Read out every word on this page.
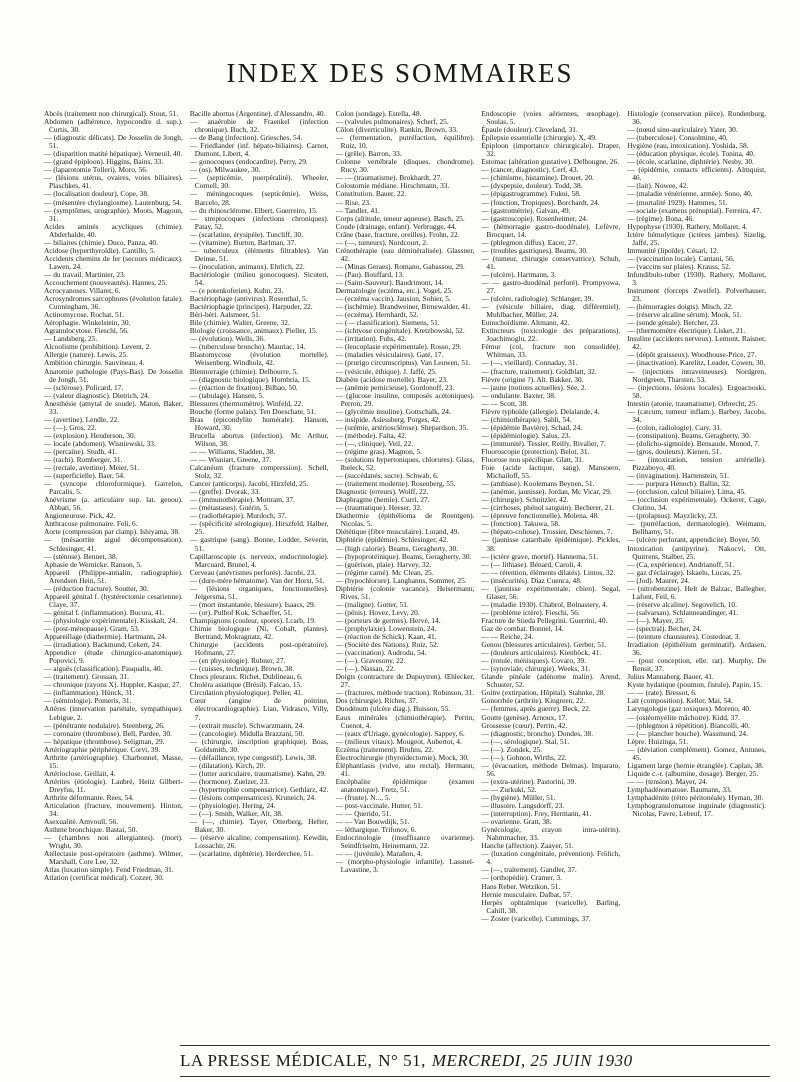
INDEX DES SOMMAIRES

Abcès (traitement non chirurgical). Stout, 51.

Abdomen (adhérence, hypocondre d. sup.). Curtis, 30.

— (diagnostic délicats). De Josselin de Jongh, 51.

— (disparition matité hépatique). Verneuil, 40.

— (grand épiploon). Higgins, Bains, 33.

— (laparotomie Tolleri). Moro, 56.

— (lésions utérus, ovaires, voies biliaires). Plaschkes, 41.

— (localisation douleur). Cope, 38.

— (mésentère chylangiosme). Lautenburg, 54.

— (symptômes, urographie). Moots, Magoun, 31.

Acides aminés acycliques (chimie). Abderhalde, 40.

— biliaires (chimie). Duco, Panza, 40.

Acidose (hyperthyroïdie). Cantillo, 5.

Accidents chemins de fer (secours médicaux). Lawen, 24.

— du travail. Martinier, 23.

Accouchement (nouveautés). Hannes, 25.

Acrocyanoses. Villaret, 6.

Acrosyndromes sarcophores (évolution fatale). Cunningham, 36.

Actinomycose. Rochat, 51.

Aérophagie. Winkelstein, 30.

Agranulocytose. Fieschi, 56.

— Landsberg, 25.

Alcoolisme (prohibition). Levent, 2.

Allergie (nature). Lewis, 25.

Ambition chirurgie. Sauvineau, 4.

Anatomie pathologie (Pays-Bas). De Josselin de Jongh, 51.

— (sclérose). Policard, 17.

— (valeur diagnostic). Dietrich, 24.

Anesthésie (amytal de soude). Maton, Baker, 33.

— (avertine). Lendle, 22.

— (—). Gros, 22.

— (explosion). Henderson, 30.

— locale (abdomen). Wisniewski, 33.

— (percaïne). Studh, 41.

— (rachi). Romberger, 31.

— (rectale, avertine). Meier, 51.

— (superficielle). Baer, 54.

— (syncope chloroformique). Garrelon, Parcalis, 5.

Anévrisme (a. articulaire sup. lat. genou). Abbati, 56.

Angioneurose. Pick, 42.

Anthracose pulmonaire. Feli, 6.

Aorte (compression par clamp). Ishiyama, 38.

— (mésaortite aiguë décompensation). Schlesinger, 41.

— (sténose). Bennet, 38.

Aphasie de Wernicke. Ranson, 5.

Appareil (Philippe-antialin, radiographie). Arendsen Hein, 51.

— (réduction fracture). Soutter, 30.

Appareil génital f. (hystérectomie cesarienne). Claye, 37.

— génital f. (inflammation). Bucura, 41.

— (physiologie expérimentale). Kisskalt, 24.

— (post-ménopause). Gram, 53.

Appareillage (diathermie). Hartmann, 24.

— (irradiation). Backmund, Cekert, 24.

Appendice (étude chirurgico-anatomique). Popovici, 9.

— aiguës (classification). Pasqualis, 40.

— (traitement). Grossan, 31.

— chronique (rayons X). Huppler, Kaspar, 27.

— (inflammation). Hünck, 31.

— (sémiologie). Pomeris, 31.

Artères (innervation pariétale, sympathique). Lebigue, 2.

— (pénétrante nodulaire). Steenberg, 26.

— coronaire (thrombose). Bell, Pardee, 30.

— hépatique (thrombose). Seligman, 29.

Artériographie périphérique. Corvi, 39.

Arthrite (artériographie). Charbonnel, Masse, 15.

Artérioclose. Geillait, 4.

Artérites (étiologie). Laubré, Heitz Gilbert-Dreyfus, 11.

Arthrite déformante. Rees, 54.

Articulation (fracture, mouvement). Hinton, 34.

Asexualité. Amvoull, 56.

Asthme bronchique. Bastai, 50.

— (chambres non allergiantes). (mort). Wright, 30.

Atélectasie post-opératoire (asthme). Wilmer, Marshall, Core Lee, 32.

Atlas (luxation simple). Fend Friedman, 31.

Atlation (certificat médical). Cozzer, 30.

Bacille abortus (Argentine). d'Alessandro, 40.

— anaérobie de Fraenkel (infection chronique). Buch, 32.

— de Bang (infection). Griesches, 54.

— Friedlander (inf. hépato-biliaires). Carnot, Dumont, Libert, 4.

— gonocoques (endocardite). Perry, 29.

— (os). Milwaukee, 30.

— (septicémie, puerpéralité). Wheeler, Cornell, 30.

— méningocoques (septicémie). Weiss, Barcelo, 28.

— du rhinosclérome. Elbert, Guerreiro, 15.

— streptocoques (infections chroniques). Patay, 52.

— (scarlatine, érysipèle). Tuncliff, 30.

— (vitamine). Burton, Barlman, 37.

— tuberculeux (éléments filtrables). Van Deinse, 51.

— (inoculation, animaux). Ehrlich, 22.

Bactériologie (milieu gonocoques). Sicuteri, 54.

— (e potenkoferien). Kuhn, 23.

Bactériophage (antivirus). Rosenthal, 5.

Bactériophagie (principes). Harpuder, 22.

Béri-béri. Aalsmeer, 51.

Bile (chimie). Walter, Greene, 32.

Biologie (croissance, animaux). Pieller, 15.

— (évolution). Wells, 36.

— (tuberculose broncho). Mauriac, 14.

Blastomycose (évolution mortelle). Weisenberg, Windholz, 42.

Blennorragie (chimie). Delbourre, 5.

— (diagnostic biologique). Hombria, 15.

— (réaction de fixation). Bilbao, 50.

— (tabulage). Hansen, 5.

Blessures (thermomètre). Winfeld, 22.

Bouche (forme palais). Ten Doeschate, 51.

Bras (épicondylite humérale). Hanson, Howard, 30.

Brucella abortus (infection). Mc Arthur, Wilson, 38.

— — Williams, Sladden, 38.

— — Wisniart, Greene, 37.

Calcanéum (fracture compression). Schell, Stolz, 32.

Cancer (anticorps). Jacobi, Hirzfeld, 25.

— (greffe). Dvorak, 33.

— (immunothérapie). Mottram, 37.

— (métastases). Guérin, 5.

— (radiothérapie). Murdoch, 37.

— (spécificité sérologique). Hirszfeld, Halber, 25.

— gastrique (sang). Bonne, Lodder, Severin, 51.

Capillaroscopie (s. nerveux, endocrinologie). Marcuard, Brunel, 4.

Cerveau (anévrismes perforés). Jacobi, 23.

— (dure-mère hématome). Van der Horst, 51.

— (lésions organiques, fonctionnelles). Jelgersma, 51.

— (mort instantanée, blessure). Isaacs, 29.

— (or). Pulhof Kok, Schaeffer, 51.

Champignons (couleur, spores). Lcarb, 19.

Chimie biologique (Ni, Cobalt, plantes). Bertrand, Mokragnatz, 42.

Chirurgie (accidents post-opératoire). Hofmann, 27.

— (en physiologie). Rubner, 27.

— (cuisses, technique). Brown, 38.

Chocs pleuraux. Richet, Dublineau, 6.

Choléra asiatique (Brésil). Falcao, 15.

Circulation physiologique). Peller, 41.

Cœur (angine de poitrine, électrocardiographie). Lian, Vidrasco, Villy, 7.

— (extrait muscle). Schwarzmann, 24.

— (cancologie). Midulla Brazzani, 50.

— (chirurgie, inscription graphique). Boas, Goldsmith, 30.

— (défaillance, type congestif). Lewis, 38.

— (dilatation). Kirch, 20.

— (lutter auriculaire, traumatisme). Kahn, 29.

— (hormone). Zuelzer, 23.

— (hypertrophie compensatrice). Gethlarz, 42.

— (lésions compensatrices). Kruneich, 24.

— (physiologie). Hering, 24.

— (—). Smith, Walker, Alt, 38.

— (—, chimie). Tayer, Otterberg, Hefter, Baker, 30.

— (réserve alcaline, compensation). Kewdin, Lossachir, 26.

— (scarlatine, diphtérie). Herderchee, 51.

Colon (sondage). Estella, 48.

— (valvules pulmonaires). Scherf, 25.

Côlon (diverticulite). Rankin, Brown, 33.

— (fermentation, putréfaction, équilibre). Ruiz, 10.

— (grêle). Barron, 33.

Colonne vertébrale (disques, chondrome). Rucy, 30.

— — (traumatisme). Brokhardt, 27.

Colostomie médiane. Hirschmann, 33.

Constitution. Bauer, 22.

— Rise, 23.

— Tandler, 41.

Corps (altitude, teneur aqueuse). Basch, 25.

Coude (drainage, enfant). Verbrugge, 44.

Crâne (base, fracture, oreilles). Frohn, 22.

— (—, tumeurs). Nordcourt, 2.

Crénothérapie (eau déminéralisée). Glassner, 42.

— (Minas Geraes). Romano, Gabassou, 29.

— (Pau). Bouffard, 13.

— (Saint-Sauveur). Baudrimont, 14.

Dermatologie (eczéma, etc.). Vogel, 25.

— (eczéma vaccin). Jausion, Sohier, 5.

— (ischémie). Brandweiner, Birnewalder, 41.

— (eczéma). Hernhardt, 52.

— (— classification). Siemens, 51.

— (ichtyose congénitale). Kretzbowski, 52.

— (irritation). Fuhs, 42.

— (leucoplasie expérimentale). Rosso, 29.

— (maladies vésiculaires). Gaté, 17.

— (prurigo circumscriptus). Van Leuwen, 51.

— (vésicule, éthique). J. Jaffé, 25.

Diabète (acidose mortelle). Bayer, 23.

— (anémie pernicieuse). Gordonoff, 23.

— (glucose insuline, composés acétoniques). Perron, 29.

— (glycémie insuline). Gottschalk, 24.

— insipide. Aslessberg, Porges, 42.

— (urémie, artériosclérose). Shepardson, 35.

— (méthode). Falta, 42.

— (—, clinique). Veil, 22.

— (régime gras). Magnon, 5.

— (solutions hypertoniques, chlorures). Glass, Ibeleck, 52.

— (succédanés, sucre). Schwab, 6.

— (traitement moderne). Rosenberg, 55.

Diagnostic (erreurs). Wolff, 22.

Diaphragme (hernie). Curri, 27.

— (traumatique). Heeser, 32.

Diathermie (épithélioma de Roentgen). Nicolas, 5.

Diététique (fibre musculaire). Lorand, 49.

Diphtérie (épidémie). Schlesinger, 42.

— (high calorie). Beams, Geragherty, 30.

— (hypoprotéinique). Beams, Geragherty, 30.

— (guérison, plaie). Harvey, 32.

— (régime carné). Mc Clean, 25.

— (hypochlorure). Langhanns, Sommer, 25.

Diphtérie (colonie vacance). Heisermann, Rives, 51.

— (maligne). Gotter, 51.

— (pénis). Hovez, Levy, 20.

— (porteurs de germes). Hervé, 14.

— (prophylaxie). Lowenstein, 24.

— (réaction de Schick). Kaan, 41.

— (Société des Nations). Ruiz, 52.

— (vaccination). Audrodu, 54.

— (—). Gravesony, 22.

— (—). Nassau, 22.

Doigts (contracture de Dupuytren). Œhlecker, 27.

— (fractures, méthode traction). Robinson, 31.

Dos (chirurgie). Riches, 37.

Duodénum (ulcère diag.). Buisson, 55.

Eaux minérales (chimiothérapie). Perrin, Cuenot, 4.

— (eaux d'Uriage, gynécologie). Sappey, 6.

— (milieux vitaux). Mougeot, Aubertot, 4.

Eczéma (traitement). Bruhns, 22.

Électrochirurgie (thyroïdectomie). Mock, 30.

Éléphantiasis (vulve, ano rectal). Hermann, 41.

Encéphalite épidémique (examen anatomique). Fretz, 51.

— (fruste). N..., 5.

— post-vaccinale. Hutter, 51.

— — Querido, 51.

— — Van Bouwdijk, 51.

— léthargique. Trifonov, 6.

Endocrinologie (insuffisance ovarienne). Seindfriselm, Heinemann, 22.

— — (juvénile). Marañon, 4.

— (morpho-physiologie infantile). Lassnel-Lavastine, 3.

Endoscopie (voies aériennes, œsophage). Soulas, 5.

Épaule (douleur). Cleveland, 31.

Épilepsie essentielle (chirurgie). X, 49.

Épiploon (importance chirurgicale). Draper, 32.

Estomac (altération gustative). Delhougne, 26.

— (cancer, diagnostic). Cerf, 43.

— (chimisme, histamine). Drouet, 20.

— (dyspepsie, douleur). Todd, 38.

— (épigastrogramme). Fukui, 58.

— (fonction, Tropiques). Borchardt, 24.

— (gastrométrie). Galvan, 49.

— (gastroscopie). Rosenheimer, 24.

— (hémorragie gastro-duodénale). Lefèvre, Brocquet, 14.

— (phlegmon diffus). Eacer, 27.

— (troubles gastriques). Beams, 30.

— (tumeur, chirurgie conservatrice). Schuh, 41.

— (ulcère). Hartmann, 3.

— — gastro-duodénal perforé). Prompyowa, 27.

— (ulcère, radiologie). Schlanger, 39.

— (vésicule biliaire, diag. différentiel). Muhlbacher, Müller, 24.

Eunuchoïdisme. Altmann, 42.

Extincteurs (toxicologie des préparations). Joachimoglu, 22.

Fémur (col, fracture non consolidée). Whitman, 33.

— (—, vieillard). Connaday, 31.

— (fracture, traitement). Goldblatt, 32.

Fièvre (origine ?). Alt. Bakker, 30.

— jaune (notions actuelles). Sée, 2.

— ondulante. Baxter, 38.

— — Scott, 38.

Fièvre typhoïde (allergie). Delalande, 4.

— (chimiothérapie). Sahli, 54.

— (épidémie Bavière). Schad, 24.

— (épidémiologie). Salus, 23.

— (immunité). Tessier, Reilly, Rivalier, 7.

Fluoroscopie (protection). Belot, 31.

Fluorose non spécifique. Glatt, 31.

Foie (acide lactique, sang). Mansoero, Michailoff, 55.

— (ambiase). Koolemans Beynen, 51.

— (anémie, jaunisse). Jordan, Mc Vicar, 29.

— (chirurgie). Schnitzler, 42.

— (cirrhoses, phénol sanguin). Becherer, 21.

— (épreuve fonctionnelle). Molena, 48.

— (fonction). Takuwa, 58.

— (hépato-coliose). Trossier, Deschienes, 7.

— (jaunisse catarrhale épidémique). Pickles, 38.

— (ictère grave, mortel). Hannema, 51.

— (— lithiase). Bénard, Caroli, 4.

— — rétention, éléments dilatés). Lintos, 32.

— (insécurités). Diaz Cuenca, 48.

— (jaunisse expérimentale, chien). Segal, Glaser, 56.

— (maladie 1930). Chabrol, Bolnastery, 4.

— (problème ictère). Fieschi, 56.

Fracture de Stieda Pellegrini. Guerrini, 40.

Gaz de combat. Bonnel, 14.

— — Reiche, 24.

Genou (blessures articulaires). Gerber, 51.

— (douleurs articulaires). Kienböck, 41.

— (rotule, ménisques). Covaro, 39.

— (synoviale, chirurgie). Weeks, 31.

Glande pinéale (adénome malin). Arend, Schuster, 52.

Goitre (extirpation, Hôpital). Stahnke, 28.

Gonorrhée (arthrite). Kingreen, 22.

— (femmes, après guerre). Beck, 22.

Goutte (genèse). Arnoux, 17.

Grossesse (cœur). Perrin, 42.

— (diagnostic, broncho). Dondes, 38.

— (—, sérologique). Stal, 51.

— (—). Zondek, 25.

— (—). Gohnon, Wirths, 22.

— (évacuation, méthode Delmas). Imparato, 56.

— (extra-utérine). Pastorini, 39.

— — Zurkuki, 52.

— (hygiène). Müller, 51.

— illusoire. Langsdorff, 23.

— (interruption). Frey, Hermann, 41.

— ovarienne. Gratt, 38.

Gynécologie, crayon intra-utérin). Nahmmacher, 33.

Hanche (affection). Zaayer, 51.

— (luxation congénitale, prévention). Frölich, 4.

— (—, traitement). Gandler, 37.

— (orthopédie). Cramer, 3.

Hans Reber. Wetzikon, 51.

Hernie musculaire. Dalbat, 57.

Herpès ophtalmique (varicelle). Barling, Cahill, 38.

— Zoster (varicelle). Cummings, 37.

Histologie (conservation pièce). Rondenburg, 36.

— (nœud sino-auriculaire). Yater, 30.

— (tuberculose). Consolmine, 40.

Hygiène (eau, intoxication). Yoshida, 58.

— (éducation physique, école). Tonina, 40.

— (école, scarlatine, diphtérie). Nesby, 30.

— (épidémie, contacts efficients). Almquist, 46.

— (lait). Nowee, 42.

— (maladie vénérienne, armée). Sono, 40.

— (mortalité 1929). Hammes, 51.

— sociale (examens prénuptial). Ferreira, 47.

— (régime). Bona, 46.

Hypophyse (1930). Rathery, Mollaret, 4.

Ictère hémolytique (ictères jambes). Sizelig, Jaffé, 25.

Immunité (lipoïde). Césari, 12.

— (vaccination locale). Cantani, 56.

— (vaccins sur plaies). Krauss, 52.

Infundibulo-tuber (1930). Rathery, Mollaret, 3.

Instrument (forceps Zweifel). Polverhauser, 23.

— (hémorragies doigts). Misch, 22.

— (réserve alcaline sérum). Mook, 51.

— (sonde génale). Bercher, 23.

— (thermomètre électrique). Lisket, 21.

Insuline (accidents nerveux). Lemont, Raisner, 42.

— (dépôt graisseux). Woodhouse-Price, 27.

— (inactivation). Karelitz, Leader, Cowen, 30.

— (injections intraveineuses). Nordgren, Nordgreen, Tharsten, 53.

— (injections, lésions locales). Ergoacnoski, 58.

Intestin (atonie, traumatisme). Orbrecht, 25.

— (cæcum, tumeur inflam.). Barbey, Jacobs, 34.

— (colon, radiologie). Cary, 31.

— (constipation). Beams, Geragherty, 30.

— (dolicho-sigmoïde). Bensaude, Monod, 7.

— (gros, douleurs). Kienen, 51.

— (intoxication, tension artérielle). Pizzaboyo, 40.

— (invagination). Hartenstein, 51.

— — purpura Henoch). Ballin, 32.

— (occlusion, calcul biliaire). Lima, 45.

— (occlusion expérimentale). Ockerer, Cage, Clutino, 34.

— (prolapsus). Mayzlicky, 23.

— (putréfaction, dermatologie). Weimann, Bellhamy, 51.

— (ulcère perforant, appendicite). Boyer, 50.

Intoxication (antipyrine). Nakocvi, Ott, Quirrens, Stalber, 25.

— (Ca, expérience). Andrianoff, 51.

— gaz d'éclairage). Iskaelu, Lucas, 25.

— (Jod). Maurer, 24.

— (nitrobenzine). Helt de Balzac, Ballegher, Lafont, Feil, 6.

— (réserve alcaline). Segovelich, 10.

— (salvarsan). Schlanneandinger, 41.

— (—). Mayer, 25.

— (spectral). Becher, 24.

— (teinture chaussures). Costedoat, 3.

Irradiation (épithélium germinatif). Ardasen, 36.

— (post conception, elle. rat). Murphy, De Rensit, 37.

Julius Mannaberg. Bauer, 41.

Kyste hydatique (poumon, fistule). Papin, 15.

— — (rate). Bressot, 6.

Lait (composition). Keller, Mai, 54.

Laryngologie (gaz toxiques). Moreno, 40.

— (ostéomyélite mâchoire). Kidd, 37.

— (phlegmon à répétition). Biancolli, 40.

— (— plancher bouche). Wassmund, 24.

Lèpre. Huizinga, 51.

— (déviation complément). Gomez, Antunes, 45.

Ligament large (hernie étranglée). Caplan, 38.

Liquide c.-r. (albumine, dosage). Berger, 25.

— — (tension). Mayer, 24.

Lymphadénomatose. Baumann, 33.

Lymphadénite (rétro péritonéale). Hyman, 30.

Lymphogranulomatose inguinale (diagnostic). Nicolas, Favre, Lebeuf, 17.

LA PRESSE MÉDICALE, N° 51, MERCREDI, 25 JUIN 1930
